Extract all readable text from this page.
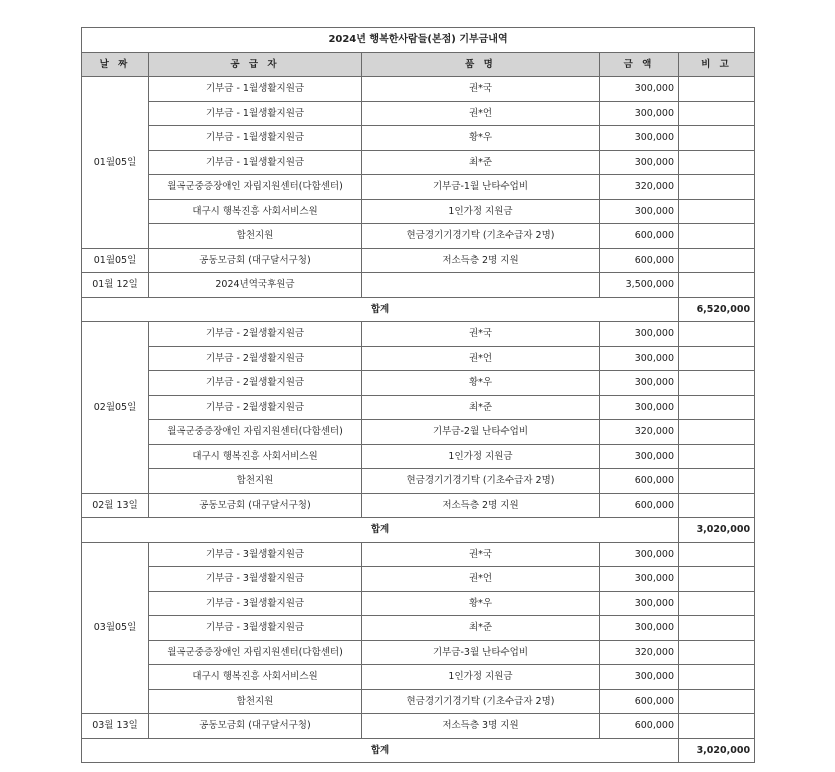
2024년 행복한사람들(본점) 기부금내역				
날 짜	공 급 자	품 명	금 액	비 고
01월05일	기부금 - 1월생활지원금	권*국	300,000	
	기부금 - 1월생활지원금	권*언	300,000	
	기부금 - 1월생활지원금	황*우	300,000	
	기부금 - 1월생활지원금	최*준	300,000	
	월곡군중증장애인 자립지원센터(다함센터)	기부금-1월 난타수업비	320,000	
	대구시 행복진흥 사회서비스원	1인가정 지원금	300,000	
	합천지원	현금경기기경기탁 (기초수급자 2명)	600,000	
01월05일	공동모금회 (대구달서구청)	저소득층 2명 지원	600,000	
01월 12일	2024년역국후원금		3,500,000	
합계				6,520,000
02월05일	기부금 - 2월생활지원금	권*국	300,000	
	기부금 - 2월생활지원금	권*언	300,000	
	기부금 - 2월생활지원금	황*우	300,000	
	기부금 - 2월생활지원금	최*준	300,000	
	월곡군중증장애인 자립지원센터(다함센터)	기부금-2월 난타수업비	320,000	
	대구시 행복진흥 사회서비스원	1인가정 지원금	300,000	
	합천지원	현금경기기경기탁 (기초수급자 2명)	600,000	
02월 13일	공동모금회 (대구달서구청)	저소득층 2명 지원	600,000	
합계				3,020,000
03월05일	기부금 - 3월생활지원금	권*국	300,000	
	기부금 - 3월생활지원금	권*언	300,000	
	기부금 - 3월생활지원금	황*우	300,000	
	기부금 - 3월생활지원금	최*준	300,000	
	월곡군중증장애인 자립지원센터(다함센터)	기부금-3월 난타수업비	320,000	
	대구시 행복진흥 사회서비스원	1인가정 지원금	300,000	
	합천지원	현금경기기경기탁 (기초수급자 2명)	600,000	
03월 13일	공동모금회 (대구달서구청)	저소득층 3명 지원	600,000	
합계				3,020,000
